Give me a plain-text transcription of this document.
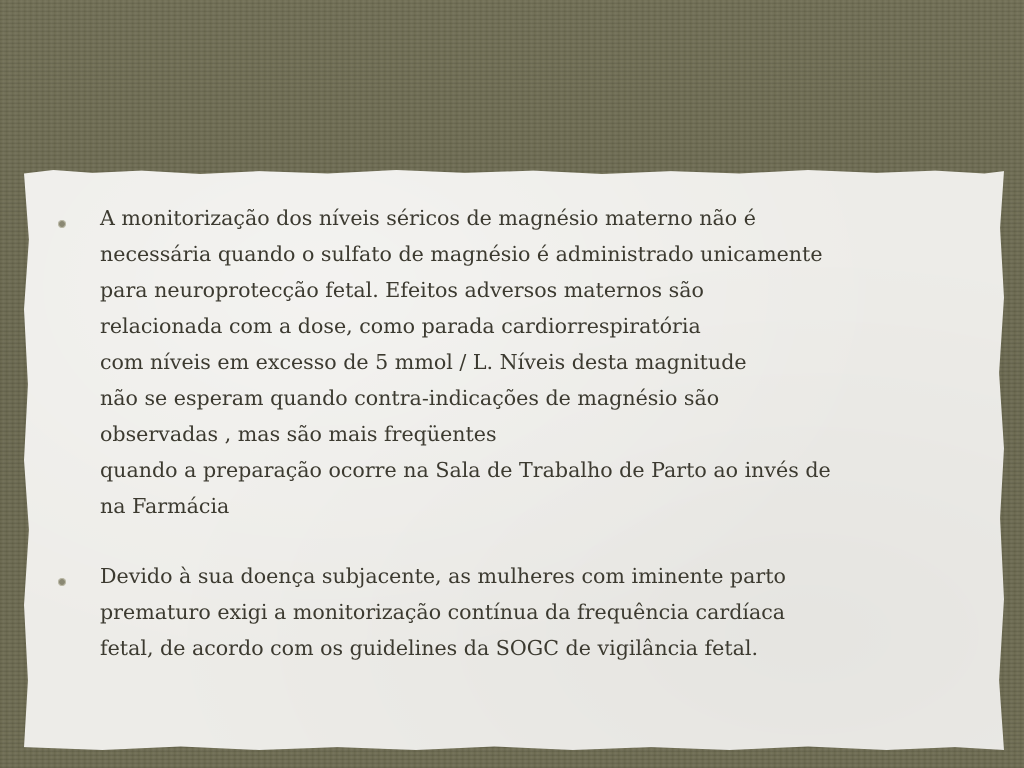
A monitorização dos níveis séricos de magnésio materno não é
necessária quando o sulfato de magnésio é administrado unicamente
para neuroprotecção fetal. Efeitos adversos maternos são
relacionada com a dose, como parada cardiorrespiratória
com níveis em excesso de 5 mmol / L. Níveis desta magnitude
não se esperam quando contra-indicações de magnésio são
observadas , mas são mais freqüentes
quando a preparação ocorre na Sala de Trabalho de Parto ao invés de
na Farmácia
Devido à sua doença subjacente, as mulheres com iminente parto
prematuro exigi a monitorização contínua da frequência cardíaca
fetal, de acordo com os guidelines da SOGC de vigilância fetal.
